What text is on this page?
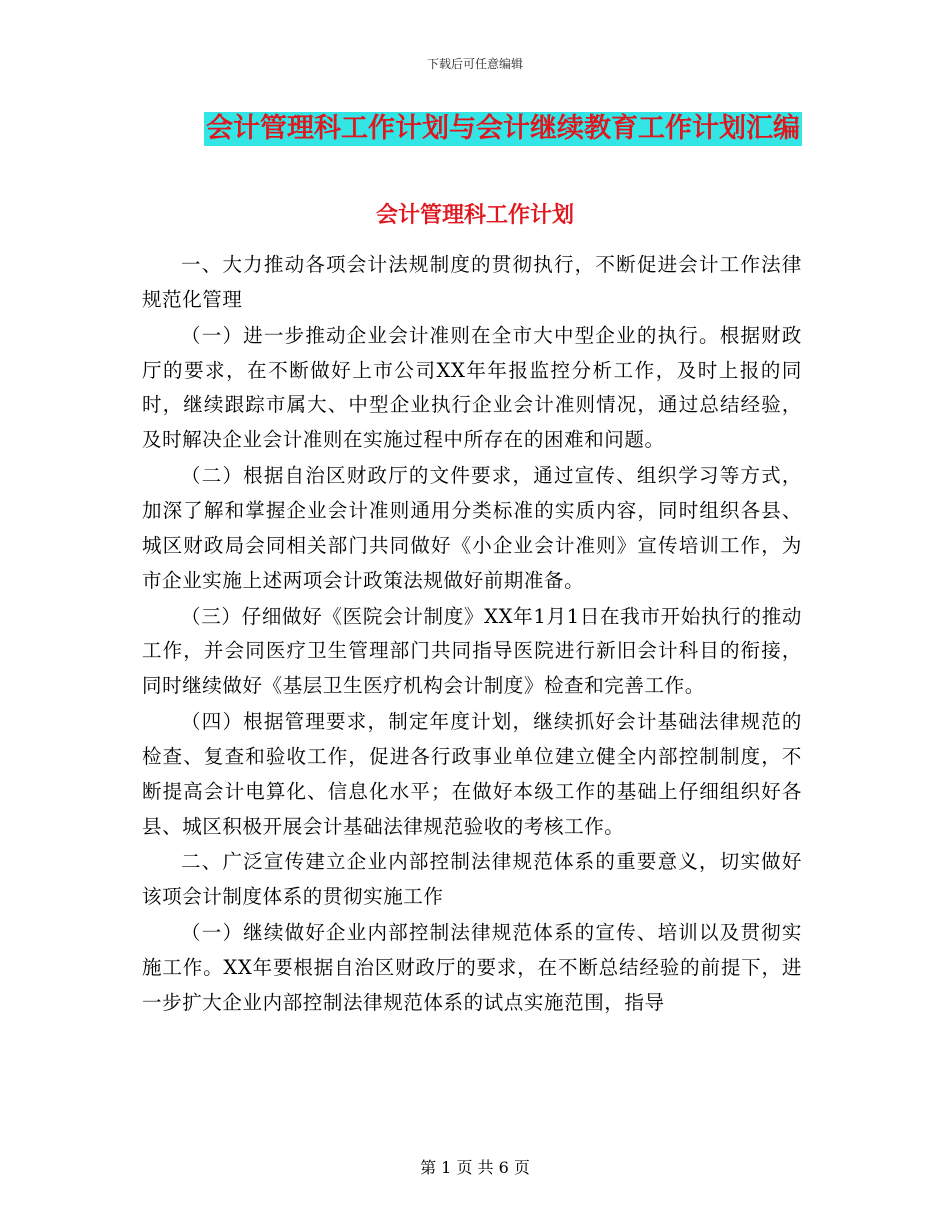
下载后可任意编辑
会计管理科工作计划与会计继续教育工作计划汇编
会计管理科工作计划

一、大力推动各项会计法规制度的贯彻执行，不断促进会计工作法律规范化管理

（一）进一步推动企业会计准则在全市大中型企业的执行。根据财政厅的要求，在不断做好上市公司XX年年报监控分析工作，及时上报的同时，继续跟踪市属大、中型企业执行企业会计准则情况，通过总结经验，及时解决企业会计准则在实施过程中所存在的困难和问题。

（二）根据自治区财政厅的文件要求，通过宣传、组织学习等方式，加深了解和掌握企业会计准则通用分类标准的实质内容，同时组织各县、城区财政局会同相关部门共同做好《小企业会计准则》宣传培训工作，为市企业实施上述两项会计政策法规做好前期准备。

（三）仔细做好《医院会计制度》XX年1月1日在我市开始执行的推动工作，并会同医疗卫生管理部门共同指导医院进行新旧会计科目的衔接，同时继续做好《基层卫生医疗机构会计制度》检查和完善工作。

（四）根据管理要求，制定年度计划，继续抓好会计基础法律规范的检查、复查和验收工作，促进各行政事业单位建立健全内部控制制度，不断提高会计电算化、信息化水平；在做好本级工作的基础上仔细组织好各县、城区积极开展会计基础法律规范验收的考核工作。

二、广泛宣传建立企业内部控制法律规范体系的重要意义，切实做好该项会计制度体系的贯彻实施工作

（一）继续做好企业内部控制法律规范体系的宣传、培训以及贯彻实施工作。XX年要根据自治区财政厅的要求，在不断总结经验的前提下，进一步扩大企业内部控制法律规范体系的试点实施范围，指导

第 1 页 共 6 页
